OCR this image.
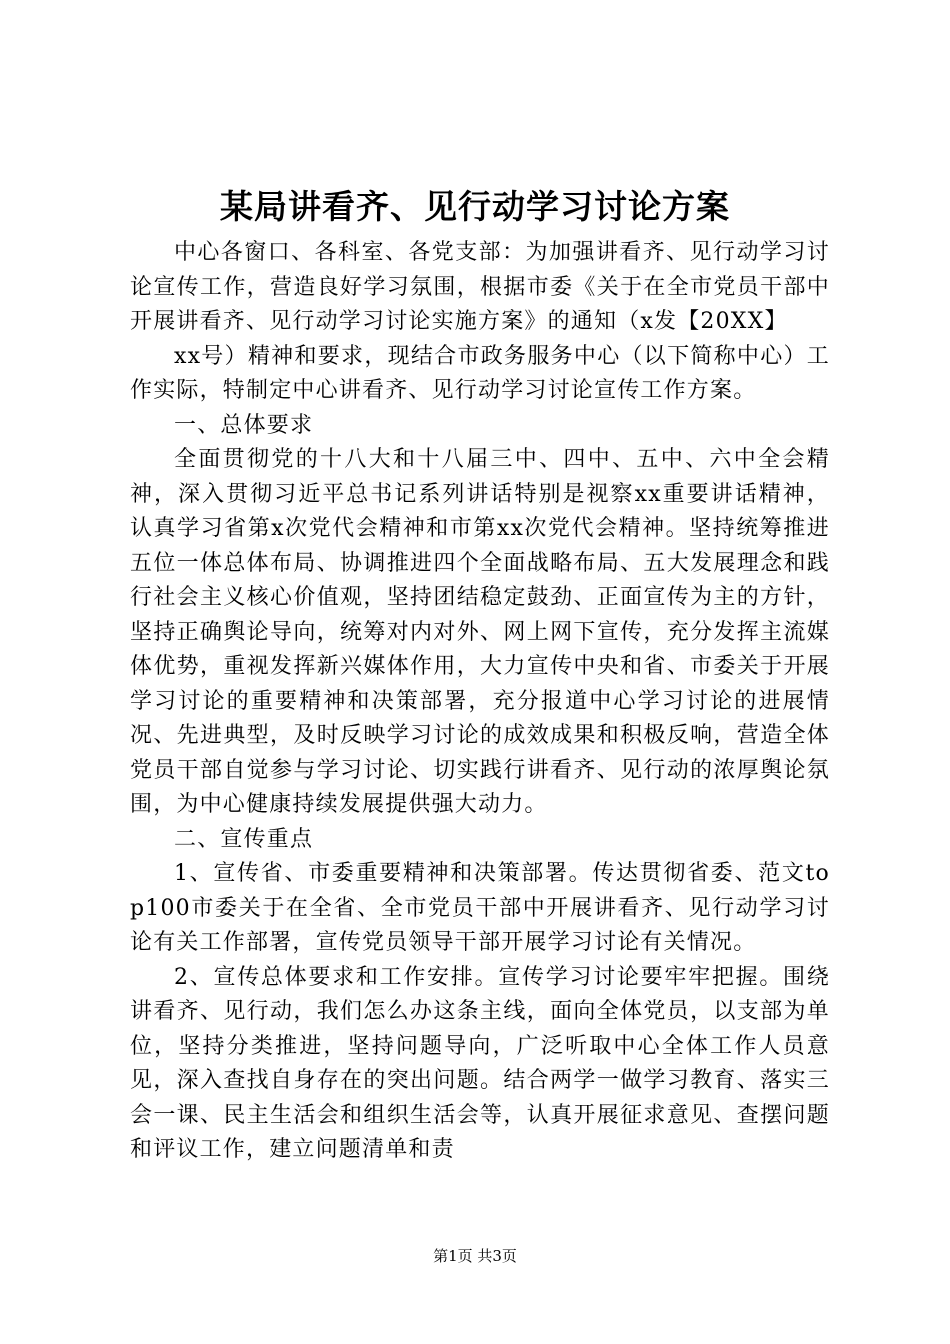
某局讲看齐、见行动学习讨论方案

中心各窗口、各科室、各党支部：为加强讲看齐、见行动学习讨论宣传工作，营造良好学习氛围，根据市委《关于在全市党员干部中开展讲看齐、见行动学习讨论实施方案》的通知（x发【20XX】

xx号）精神和要求，现结合市政务服务中心（以下简称中心）工作实际，特制定中心讲看齐、见行动学习讨论宣传工作方案。

一、总体要求

全面贯彻党的十八大和十八届三中、四中、五中、六中全会精神，深入贯彻习近平总书记系列讲话特别是视察xx重要讲话精神，认真学习省第x次党代会精神和市第xx次党代会精神。坚持统筹推进五位一体总体布局、协调推进四个全面战略布局、五大发展理念和践行社会主义核心价值观，坚持团结稳定鼓劲、正面宣传为主的方针，坚持正确舆论导向，统筹对内对外、网上网下宣传，充分发挥主流媒体优势，重视发挥新兴媒体作用，大力宣传中央和省、市委关于开展学习讨论的重要精神和决策部署，充分报道中心学习讨论的进展情况、先进典型，及时反映学习讨论的成效成果和积极反响，营造全体党员干部自觉参与学习讨论、切实践行讲看齐、见行动的浓厚舆论氛围，为中心健康持续发展提供强大动力。

二、宣传重点

1、宣传省、市委重要精神和决策部署。传达贯彻省委、范文top100市委关于在全省、全市党员干部中开展讲看齐、见行动学习讨论有关工作部署，宣传党员领导干部开展学习讨论有关情况。

2、宣传总体要求和工作安排。宣传学习讨论要牢牢把握。围绕讲看齐、见行动，我们怎么办这条主线，面向全体党员，以支部为单位，坚持分类推进，坚持问题导向，广泛听取中心全体工作人员意见，深入查找自身存在的突出问题。结合两学一做学习教育、落实三会一课、民主生活会和组织生活会等，认真开展征求意见、查摆问题和评议工作，建立问题清单和责

第1页 共3页
